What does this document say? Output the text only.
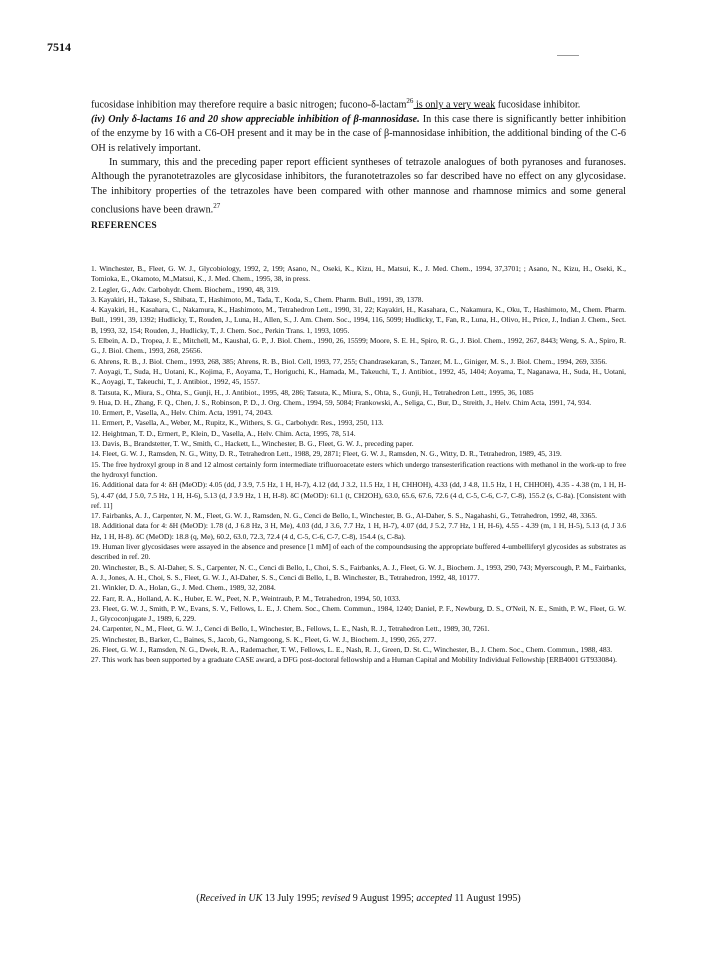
7514

fucosidase inhibition may therefore require a basic nitrogen; fucono-δ-lactam$^{26}$ is only a very weak fucosidase inhibitor.

(iv) Only δ-lactams 16 and 20 show appreciable inhibition of β-mannosidase. In this case there is significantly better inhibition of the enzyme by 16 with a C6-OH present and it may be in the case of β-mannosidase inhibition, the additional binding of the C-6 OH is relatively important.

In summary, this and the preceding paper report efficient syntheses of tetrazole analogues of both pyranoses and furanoses. Although the pyranotetrazoles are glycosidase inhibitors, the furanotetrazoles so far described have no effect on any glycosidase. The inhibitory properties of the tetrazoles have been compared with other mannose and rhamnose mimics and some general conclusions have been drawn.$^{27}$

REFERENCES

1. Winchester, B., Fleet, G. W. J., Glycobiology, 1992, 2, 199; Asano, N., Oseki, K., Kizu, H., Matsui, K., J. Med. Chem., 1994, 37,3701; ; Asano, N., Kizu, H., Oseki, K., Tomioka, E., Okamoto, M.,Matsui, K., J. Med. Chem., 1995, 38, in press.

2. Legler, G., Adv. Carbohydr. Chem. Biochem., 1990, 48, 319.

3. Kayakiri, H., Takase, S., Shibata, T., Hashimoto, M., Tada, T., Koda, S., Chem. Pharm. Bull., 1991, 39, 1378.

4. Kayakiri, H., Kasahara, C., Nakamura, K., Hashimoto, M., Tetrahedron Lett., 1990, 31, 22; Kayakiri, H., Kasahara, C., Nakamura, K., Oku, T., Hashimoto, M., Chem. Pharm. Bull., 1991, 39, 1392; Hudlicky, T., Rouden, J., Luna, H., Allen, S., J. Am. Chem. Soc., 1994, 116, 5099; Hudlicky, T., Fan, R., Luna, H., Olivo, H., Price, J., Indian J. Chem., Sect. B, 1993, 32, 154; Rouden, J., Hudlicky, T., J. Chem. Soc., Perkin Trans. 1, 1993, 1095.

5. Elbein, A. D., Tropea, J. E., Mitchell, M., Kaushal, G. P., J. Biol. Chem., 1990, 26, 15599; Moore, S. E. H., Spiro, R. G., J. Biol. Chem., 1992, 267, 8443; Weng, S. A., Spiro, R. G., J. Biol. Chem., 1993, 268, 25656.

6. Ahrens, R. B., J. Biol. Chem., 1993, 268, 385; Ahrens, R. B., Biol. Cell, 1993, 77, 255; Chandrasekaran, S., Tanzer, M. L., Giniger, M. S., J. Biol. Chem., 1994, 269, 3356.

7. Aoyagi, T., Suda, H., Uotani, K., Kojima, F., Aoyama, T., Horiguchi, K., Hamada, M., Takeuchi, T., J. Antibiot., 1992, 45, 1404; Aoyama, T., Naganawa, H., Suda, H., Uotani, K., Aoyagi, T., Takeuchi, T., J. Antibiot., 1992, 45, 1557.

8. Tatsuta, K., Miura, S., Ohta, S., Gunji, H., J. Antibiot., 1995, 48, 286; Tatsuta, K., Miura, S., Ohta, S., Gunji, H., Tetrahedron Lett., 1995, 36, 1085

9. Hua, D. H., Zhang, F. Q., Chen, J. S., Robinson, P. D., J. Org. Chem., 1994, 59, 5084; Frankowski, A., Seliga, C., Bur, D., Streith, J., Helv. Chim Acta, 1991, 74, 934.

10. Ermert, P., Vasella, A., Helv. Chim. Acta, 1991, 74, 2043.

11. Ermert, P., Vasella, A., Weber, M., Rupitz, K., Withers, S. G., Carbohydr. Res., 1993, 250, 113.

12. Heightman, T. D., Ermert, P., Klein, D., Vasella, A., Helv. Chim. Acta, 1995, 78, 514.

13. Davis, B., Brandstetter, T. W., Smith, C., Hackett, L., Winchester, B. G., Fleet, G. W. J., preceding paper.

14. Fleet, G. W. J., Ramsden, N. G., Witty, D. R., Tetrahedron Lett., 1988, 29, 2871; Fleet, G. W. J., Ramsden, N. G., Witty, D. R., Tetrahedron, 1989, 45, 319.

15. The free hydroxyl group in 8 and 12 almost certainly form intermediate trifluoroacetate esters which undergo transesterification reactions with methanol in the work-up to free the hydroxyl function.

16. Additional data for 4: δH (MeOD): 4.05 (dd, J 3.9, 7.5 Hz, 1 H, H-7), 4.12 (dd, J 3.2, 11.5 Hz, 1 H, CHHOH), 4.33 (dd, J 4.8, 11.5 Hz, 1 H, CHHOH), 4.35 - 4.38 (m, 1 H, H-5), 4.47 (dd, J 5.0, 7.5 Hz, 1 H, H-6), 5.13 (d, J 3.9 Hz, 1 H, H-8). δC (MeOD): 61.1 (t, CH2OH), 63.0, 65.6, 67.6, 72.6 (4 d, C-5, C-6, C-7, C-8), 155.2 (s, C-8a). [Consistent with ref. 11]

17. Fairbanks, A. J., Carpenter, N. M., Fleet, G. W. J., Ramsden, N. G., Cenci de Bello, I., Winchester, B. G., Al-Daher, S. S., Nagahashi, G., Tetrahedron, 1992, 48, 3365.

18. Additional data for 4: δH (MeOD): 1.78 (d, J 6.8 Hz, 3 H, Me), 4.03 (dd, J 3.6, 7.7 Hz, 1 H, H-7), 4.07 (dd, J 5.2, 7.7 Hz, 1 H, H-6), 4.55 - 4.39 (m, 1 H, H-5), 5.13 (d, J 3.6 Hz, 1 H, H-8). δC (MeOD): 18.8 (q, Me), 60.2, 63.0, 72.3, 72.4 (4 d, C-5, C-6, C-7, C-8), 154.4 (s, C-8a).

19. Human liver glycosidases were assayed in the absence and presence [1 mM] of each of the compoundsusing the appropriate buffered 4-umbelliferyl glycosides as substrates as described in ref. 20.

20. Winchester, B., S. Al-Daher, S. S., Carpenter, N. C., Cenci di Bello, I., Choi, S. S., Fairbanks, A. J., Fleet, G. W. J., Biochem. J., 1993, 290, 743; Myerscough, P. M., Fairbanks, A. J., Jones, A. H., Choi, S. S., Fleet, G. W. J., Al-Daher, S. S., Cenci di Bello, I., B. Winchester, B., Tetrahedron, 1992, 48, 10177.

21. Winkler, D. A., Holan, G., J. Med. Chem., 1989, 32, 2084.

22. Farr, R. A., Holland, A. K., Huber, E. W., Peet, N. P., Weintraub, P. M., Tetrahedron, 1994, 50, 1033.

23. Fleet, G. W. J., Smith, P. W., Evans, S. V., Fellows, L. E., J. Chem. Soc., Chem. Commun., 1984, 1240; Daniel, P. F., Newburg, D. S., O'Neil, N. E., Smith, P. W., Fleet, G. W. J., Glycoconjugate J., 1989, 6, 229.

24. Carpenter, N., M., Fleet, G. W. J., Cenci di Bello, I., Winchester, B., Fellows, L. E., Nash, R. J., Tetrahedron Lett., 1989, 30, 7261.

25. Winchester, B., Barker, C., Baines, S., Jacob, G., Namgoong, S. K., Fleet, G. W. J., Biochem. J., 1990, 265, 277.

26. Fleet, G. W. J., Ramsden, N. G., Dwek, R. A., Rademacher, T. W., Fellows, L. E., Nash, R. J., Green, D. St. C., Winchester, B., J. Chem. Soc., Chem. Commun., 1988, 483.

27. This work has been supported by a graduate CASE award, a DFG post-doctoral fellowship and a Human Capital and Mobility Individual Fellowship [ERB4001 GT933084).

(Received in UK 13 July 1995; revised 9 August 1995; accepted 11 August 1995)
